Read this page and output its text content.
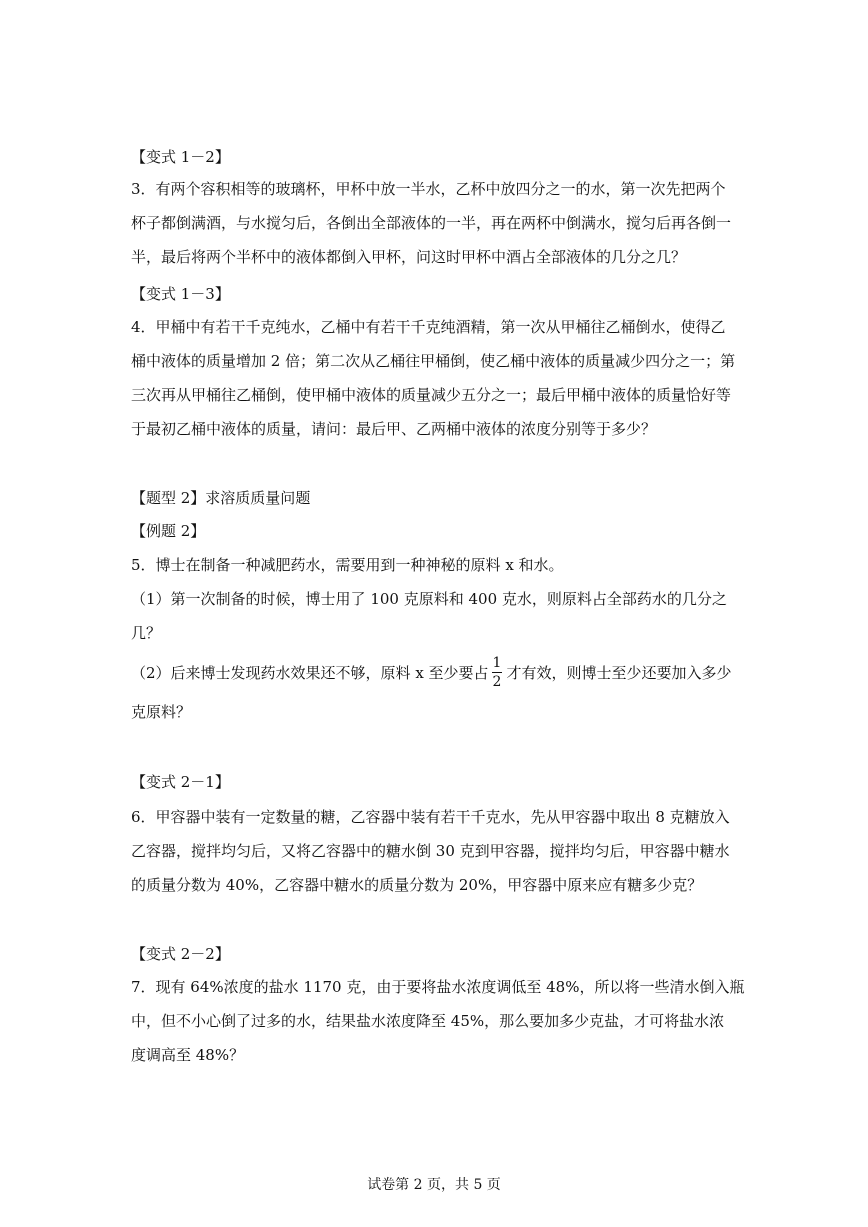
【变式 1－2】
3．有两个容积相等的玻璃杯，甲杯中放一半水，乙杯中放四分之一的水，第一次先把两个
杯子都倒满酒，与水搅匀后，各倒出全部液体的一半，再在两杯中倒满水，搅匀后再各倒一
半，最后将两个半杯中的液体都倒入甲杯，问这时甲杯中酒占全部液体的几分之几？
【变式 1－3】
4．甲桶中有若干千克纯水，乙桶中有若干千克纯酒精，第一次从甲桶往乙桶倒水，使得乙
桶中液体的质量增加 2 倍；第二次从乙桶往甲桶倒，使乙桶中液体的质量减少四分之一；第
三次再从甲桶往乙桶倒，使甲桶中液体的质量减少五分之一；最后甲桶中液体的质量恰好等
于最初乙桶中液体的质量，请问：最后甲、乙两桶中液体的浓度分别等于多少？
【题型 2】求溶质质量问题
【例题 2】
5．博士在制备一种减肥药水，需要用到一种神秘的原料 x 和水。
（1）第一次制备的时候，博士用了 100 克原料和 400 克水，则原料占全部药水的几分之
几？
（2）后来博士发现药水效果还不够，原料 x 至少要占 $\frac{1}{2}$ 才有效，则博士至少还要加入多少
克原料？
【变式 2－1】
6．甲容器中装有一定数量的糖，乙容器中装有若干千克水，先从甲容器中取出 8 克糖放入
乙容器，搅拌均匀后，又将乙容器中的糖水倒 30 克到甲容器，搅拌均匀后，甲容器中糖水
的质量分数为 40%，乙容器中糖水的质量分数为 20%，甲容器中原来应有糖多少克？
【变式 2－2】
7．现有 64%浓度的盐水 1170 克，由于要将盐水浓度调低至 48%，所以将一些清水倒入瓶
中，但不小心倒了过多的水，结果盐水浓度降至 45%，那么要加多少克盐，才可将盐水浓
度调高至 48%？
试卷第 2 页，共 5 页
